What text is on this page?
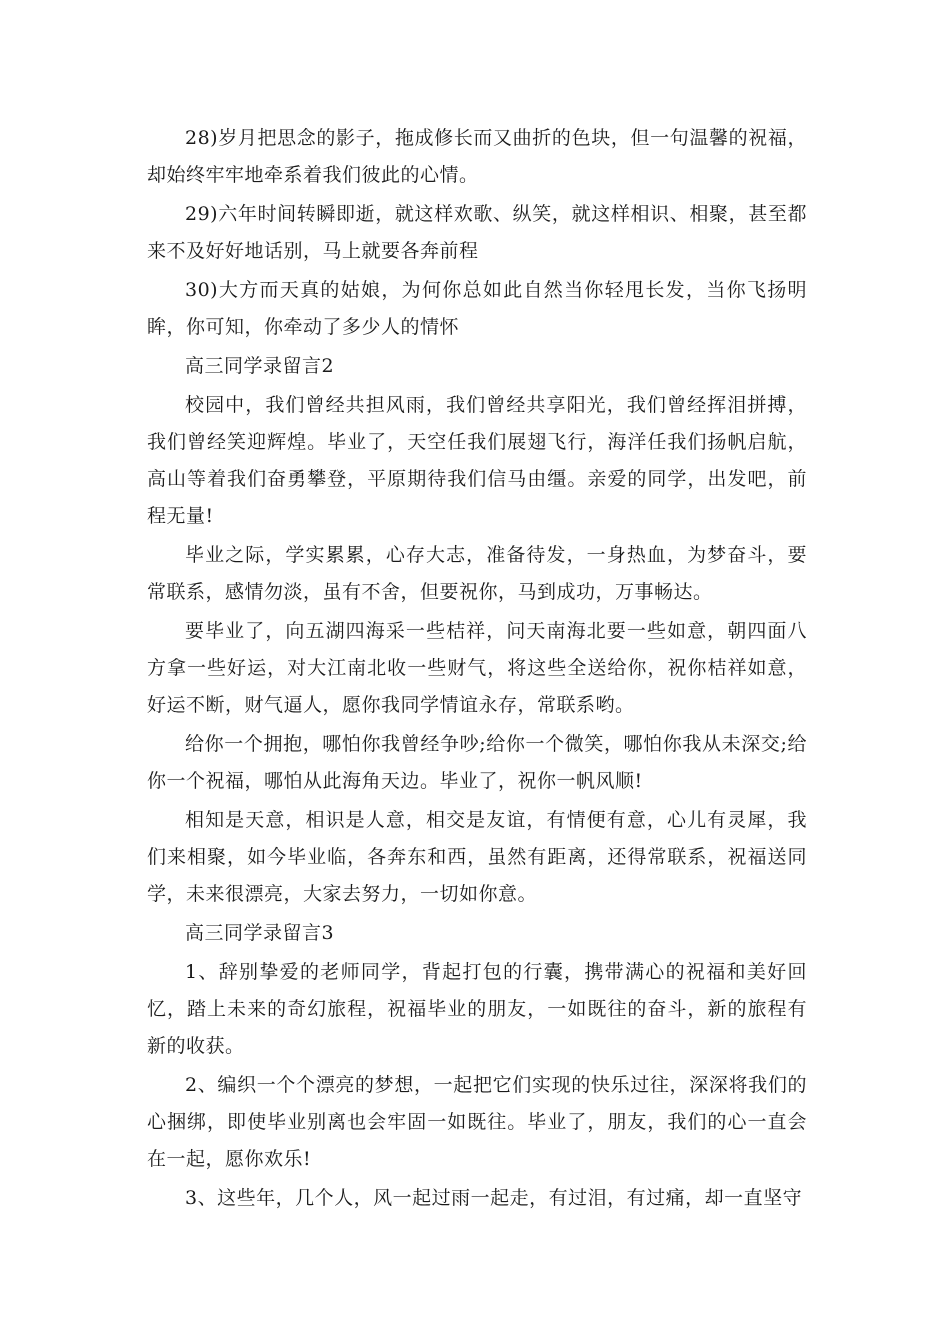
28)岁月把思念的影子，拖成修长而又曲折的色块，但一句温馨的祝福，却始终牢牢地牵系着我们彼此的心情。

29)六年时间转瞬即逝，就这样欢歌、纵笑，就这样相识、相聚，甚至都来不及好好地话别，马上就要各奔前程

30)大方而天真的姑娘，为何你总如此自然当你轻甩长发，当你飞扬明眸，你可知，你牵动了多少人的情怀

高三同学录留言2

校园中，我们曾经共担风雨，我们曾经共享阳光，我们曾经挥泪拼搏，我们曾经笑迎辉煌。毕业了，天空任我们展翅飞行，海洋任我们扬帆启航，高山等着我们奋勇攀登，平原期待我们信马由缰。亲爱的同学，出发吧，前程无量!

毕业之际，学实累累，心存大志，准备待发，一身热血，为梦奋斗，要常联系，感情勿淡，虽有不舍，但要祝你，马到成功，万事畅达。

要毕业了，向五湖四海采一些桔祥，问天南海北要一些如意，朝四面八方拿一些好运，对大江南北收一些财气，将这些全送给你，祝你桔祥如意，好运不断，财气逼人，愿你我同学情谊永存，常联系哟。

给你一个拥抱，哪怕你我曾经争吵;给你一个微笑，哪怕你我从未深交;给你一个祝福，哪怕从此海角天边。毕业了，祝你一帆风顺!

相知是天意，相识是人意，相交是友谊，有情便有意，心儿有灵犀，我们来相聚，如今毕业临，各奔东和西，虽然有距离，还得常联系，祝福送同学，未来很漂亮，大家去努力，一切如你意。

高三同学录留言3

1、辞别挚爱的老师同学，背起打包的行囊，携带满心的祝福和美好回忆，踏上未来的奇幻旅程，祝福毕业的朋友，一如既往的奋斗，新的旅程有新的收获。

2、编织一个个漂亮的梦想，一起把它们实现的快乐过往，深深将我们的心捆绑，即使毕业别离也会牢固一如既往。毕业了，朋友，我们的心一直会在一起，愿你欢乐!

3、这些年，几个人，风一起过雨一起走，有过泪，有过痛，却一直坚守
